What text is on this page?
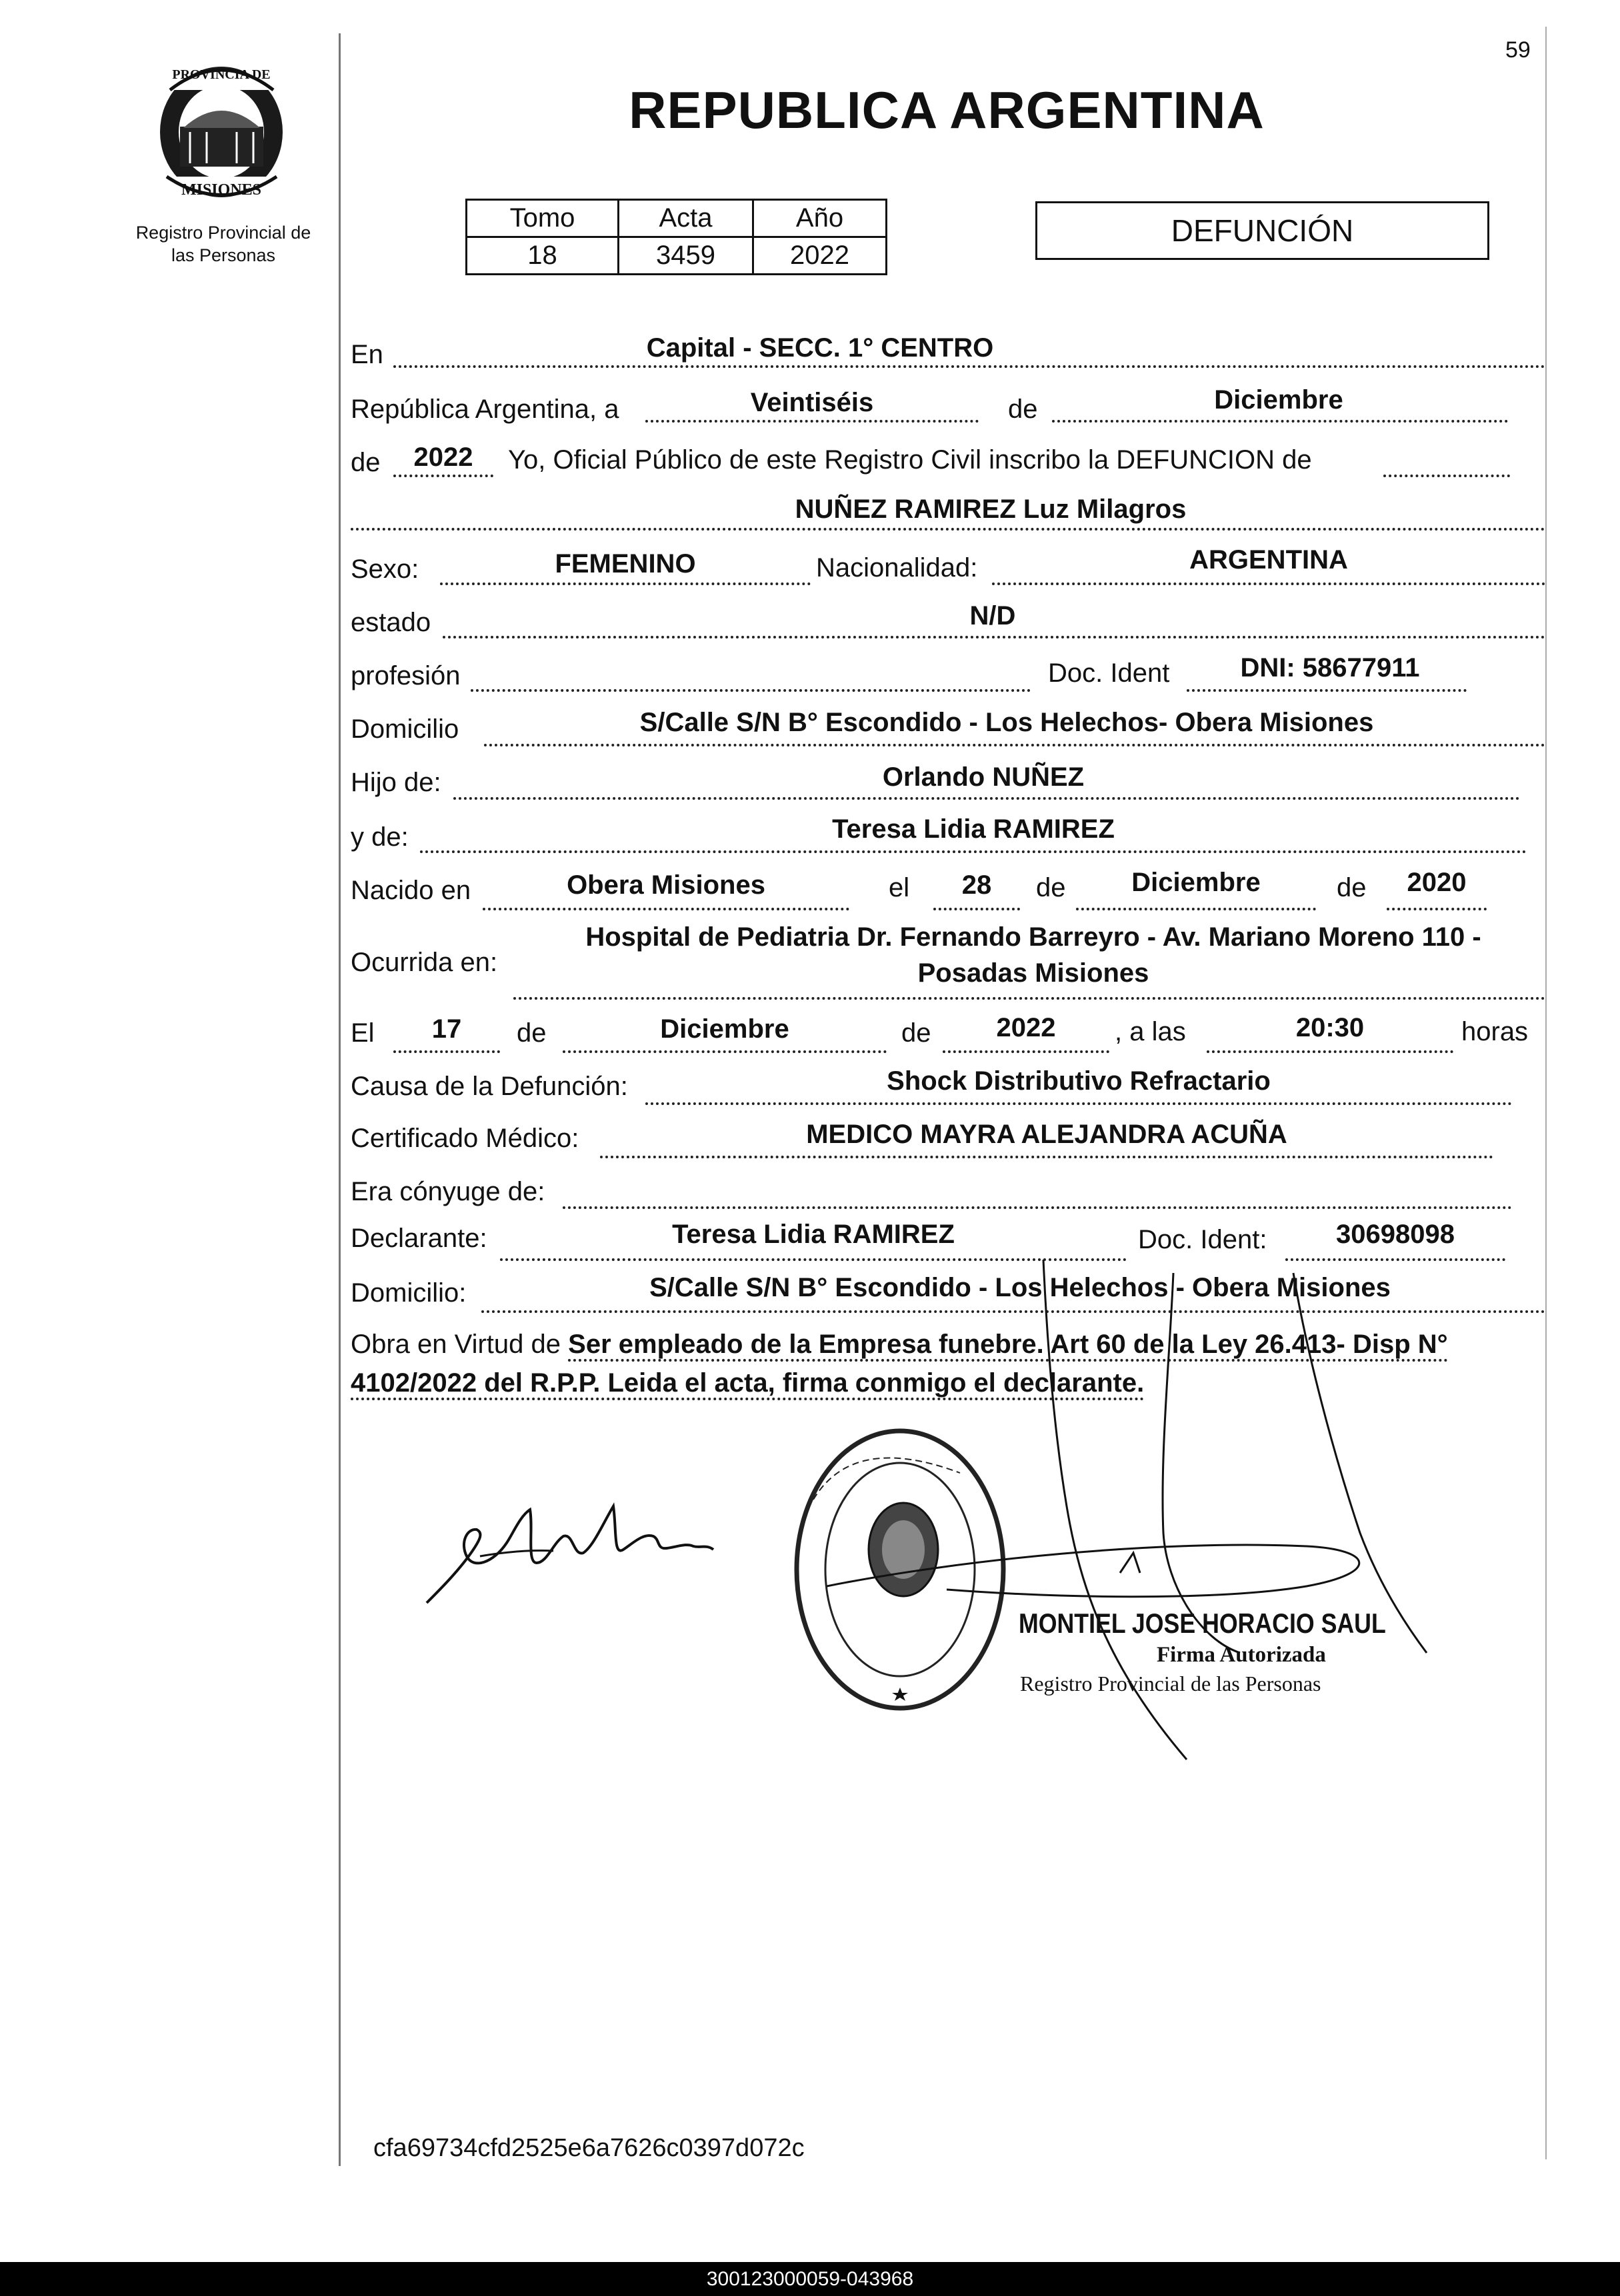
PROVINCIA DE
MISIONES
Registro Provincial de
las Personas
59
REPUBLICA ARGENTINA
Tomo	Acta	Año
18	3459	2022
DEFUNCIÓN
En	Capital - SECC. 1° CENTRO
República Argentina, a	Veintiséis	de	Diciembre
de	2022	Yo, Oficial Público de este Registro Civil inscribo la DEFUNCION de
NUÑEZ RAMIREZ Luz Milagros
Sexo:	FEMENINO	Nacionalidad:	ARGENTINA
estado	N/D
profesión	Doc. Ident	DNI: 58677911
Domicilio	S/Calle S/N B° Escondido - Los Helechos- Obera Misiones
Hijo de:	Orlando NUÑEZ
y de:	Teresa Lidia RAMIREZ
Nacido en	Obera Misiones	el	28	de	Diciembre	de	2020
Ocurrida en:
Hospital de Pediatria Dr. Fernando Barreyro - Av. Mariano Moreno 110 -
Posadas Misiones
El	17	de	Diciembre	de	2022	, a las	20:30	horas
Causa de la Defunción:	Shock Distributivo Refractario
Certificado Médico:	MEDICO MAYRA ALEJANDRA ACUÑA
Era cónyuge de:
Declarante:	Teresa Lidia RAMIREZ	Doc. Ident:	30698098
Domicilio:	S/Calle S/N B° Escondido - Los Helechos - Obera Misiones
Obra en Virtud de Ser empleado de la Empresa funebre. Art 60 de la Ley 26.413- Disp N°
4102/2022 del R.P.P. Leida el acta, firma conmigo el declarante.
MONTIEL JOSE HORACIO SAUL
Firma Autorizada
Registro Provincial de las Personas
cfa69734cfd2525e6a7626c0397d072c
300123000059-043968
